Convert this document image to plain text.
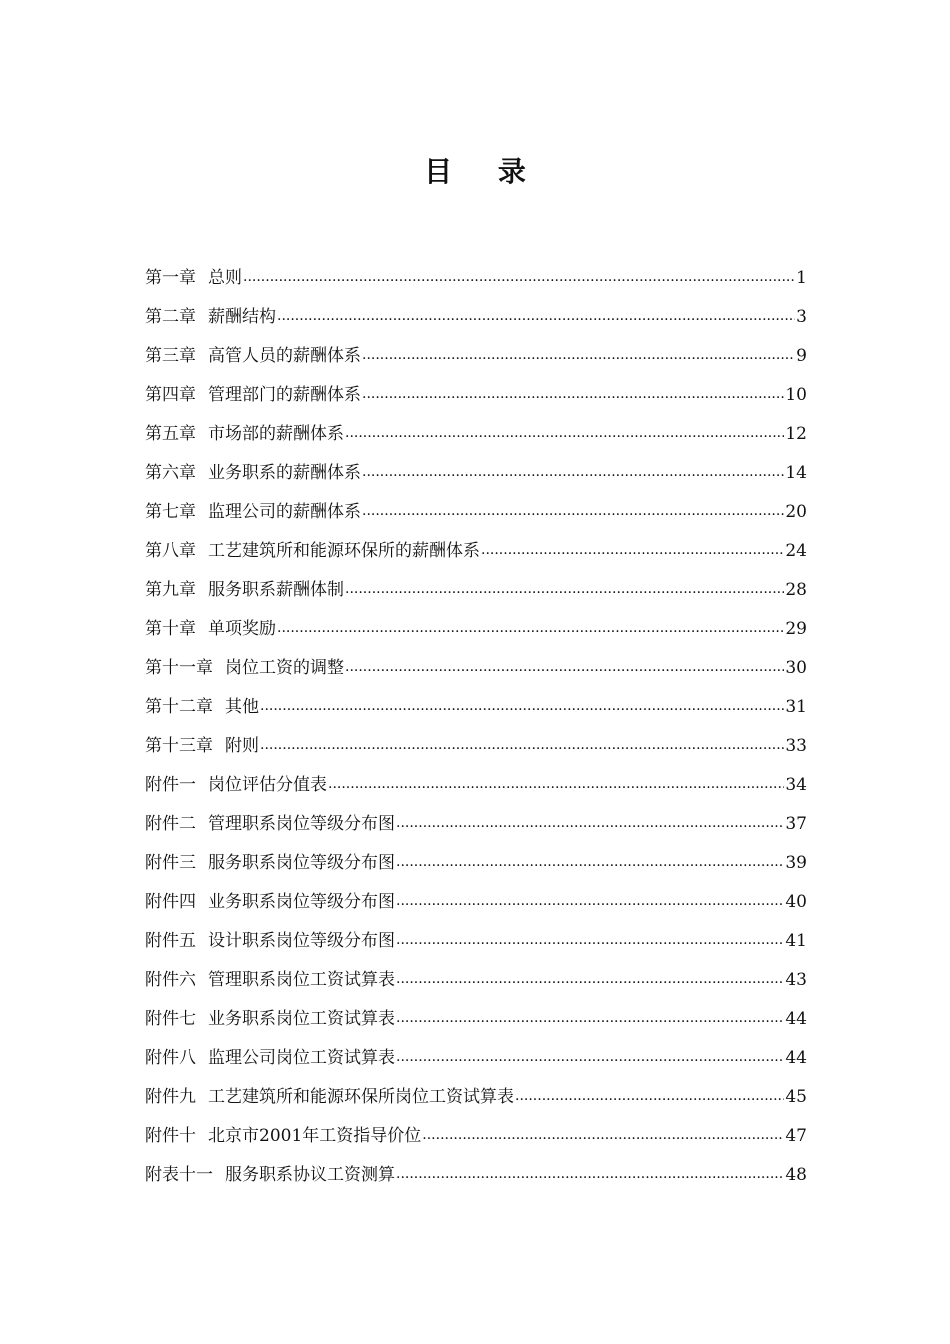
目 录
第一章 总则 .....	1
第二章 薪酬结构 .....	3
第三章 高管人员的薪酬体系 .....	9
第四章 管理部门的薪酬体系 .....	10
第五章 市场部的薪酬体系 .....	12
第六章 业务职系的薪酬体系 .....	14
第七章 监理公司的薪酬体系 .....	20
第八章 工艺建筑所和能源环保所的薪酬体系 .....	24
第九章 服务职系薪酬体制 .....	28
第十章 单项奖励 .....	29
第十一章 岗位工资的调整 .....	30
第十二章 其他 .....	31
第十三章 附则 .....	33
附件一 岗位评估分值表 .....	34
附件二 管理职系岗位等级分布图 .....	37
附件三 服务职系岗位等级分布图 .....	39
附件四 业务职系岗位等级分布图 .....	40
附件五 设计职系岗位等级分布图 .....	41
附件六 管理职系岗位工资试算表 .....	43
附件七 业务职系岗位工资试算表 .....	44
附件八 监理公司岗位工资试算表 .....	44
附件九 工艺建筑所和能源环保所岗位工资试算表 .....	45
附件十 北京市2001年工资指导价位 .....	47
附表十一 服务职系协议工资测算 .....	48
